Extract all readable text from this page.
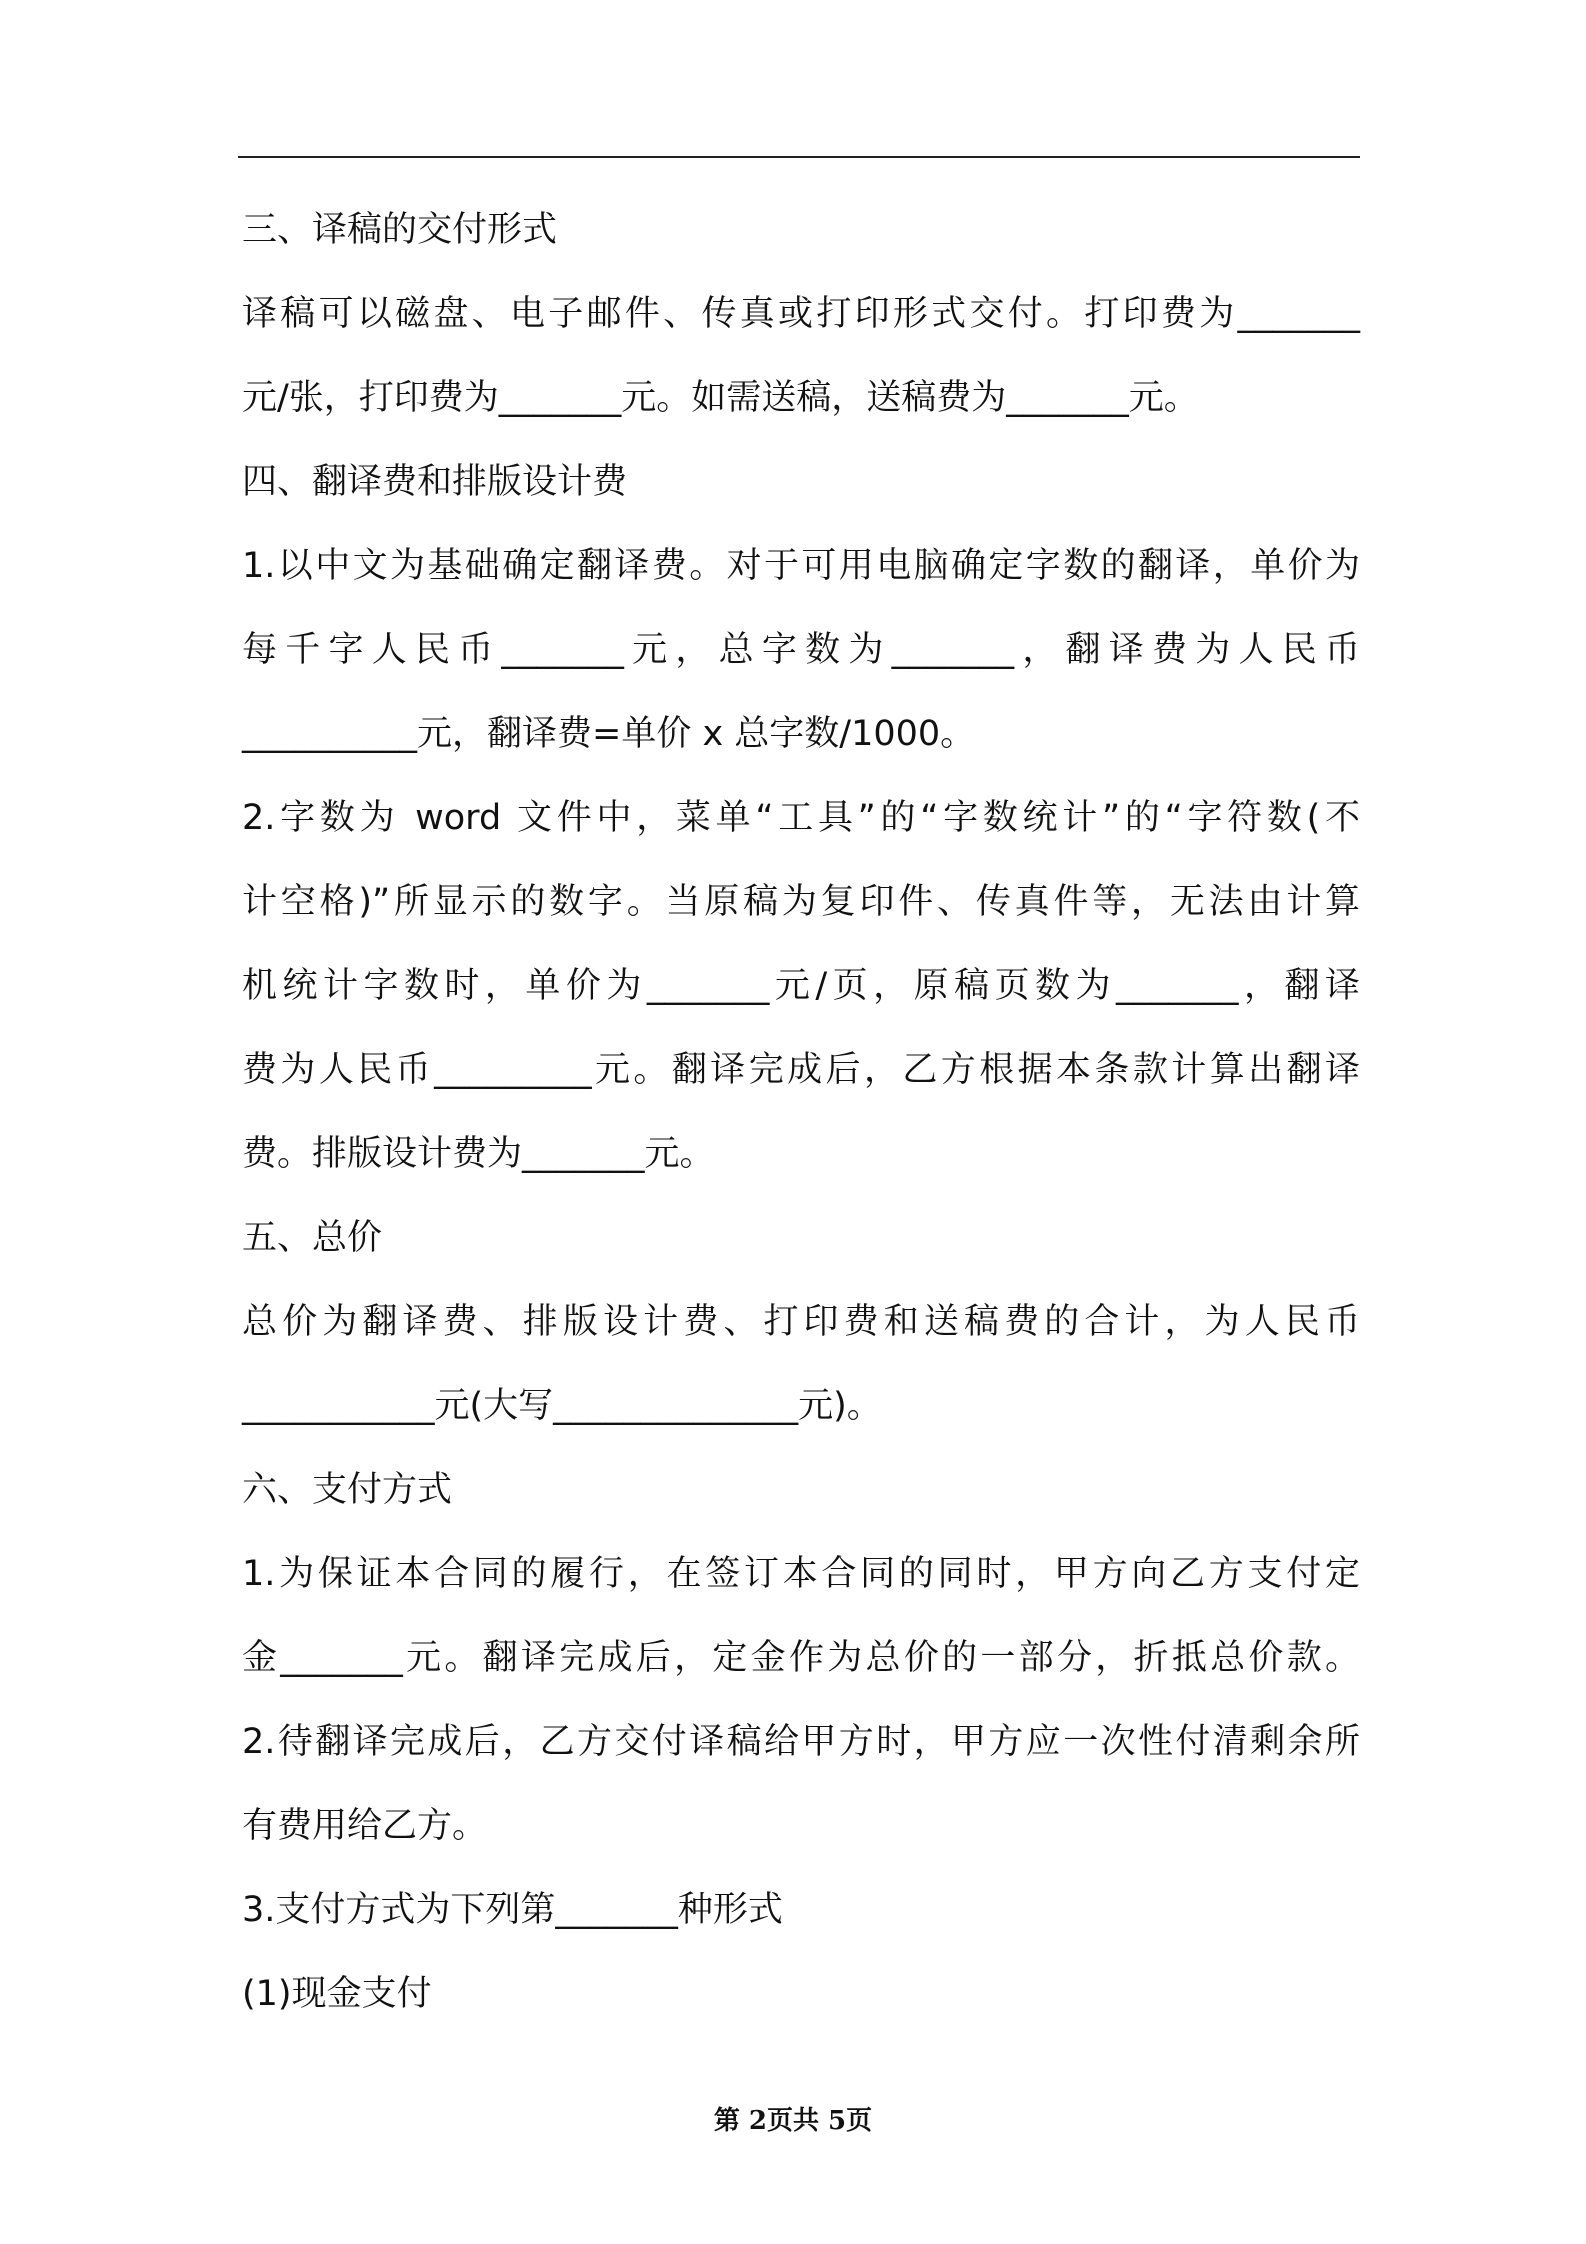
三、译稿的交付形式
译稿可以磁盘、电子邮件、传真或打印形式交付。打印费为_______
元/张，打印费为_______元。如需送稿，送稿费为_______元。
四、翻译费和排版设计费
1.以中文为基础确定翻译费。对于可用电脑确定字数的翻译，单价为
每千字人民币_______元，总字数为_______，翻译费为人民币
__________元，翻译费=单价 x 总字数/1000。
2.字数为 word 文件中，菜单“工具”的“字数统计”的“字符数(不
计空格)”所显示的数字。当原稿为复印件、传真件等，无法由计算
机统计字数时，单价为_______元/页，原稿页数为_______，翻译
费为人民币_________元。翻译完成后，乙方根据本条款计算出翻译
费。排版设计费为_______元。
五、总价
总价为翻译费、排版设计费、打印费和送稿费的合计，为人民币
___________元(大写______________元)。
六、支付方式
1.为保证本合同的履行，在签订本合同的同时，甲方向乙方支付定
金_______元。翻译完成后，定金作为总价的一部分，折抵总价款。
2.待翻译完成后，乙方交付译稿给甲方时，甲方应一次性付清剩余所
有费用给乙方。
3.支付方式为下列第_______种形式
(1)现金支付
第 2页共 5页
